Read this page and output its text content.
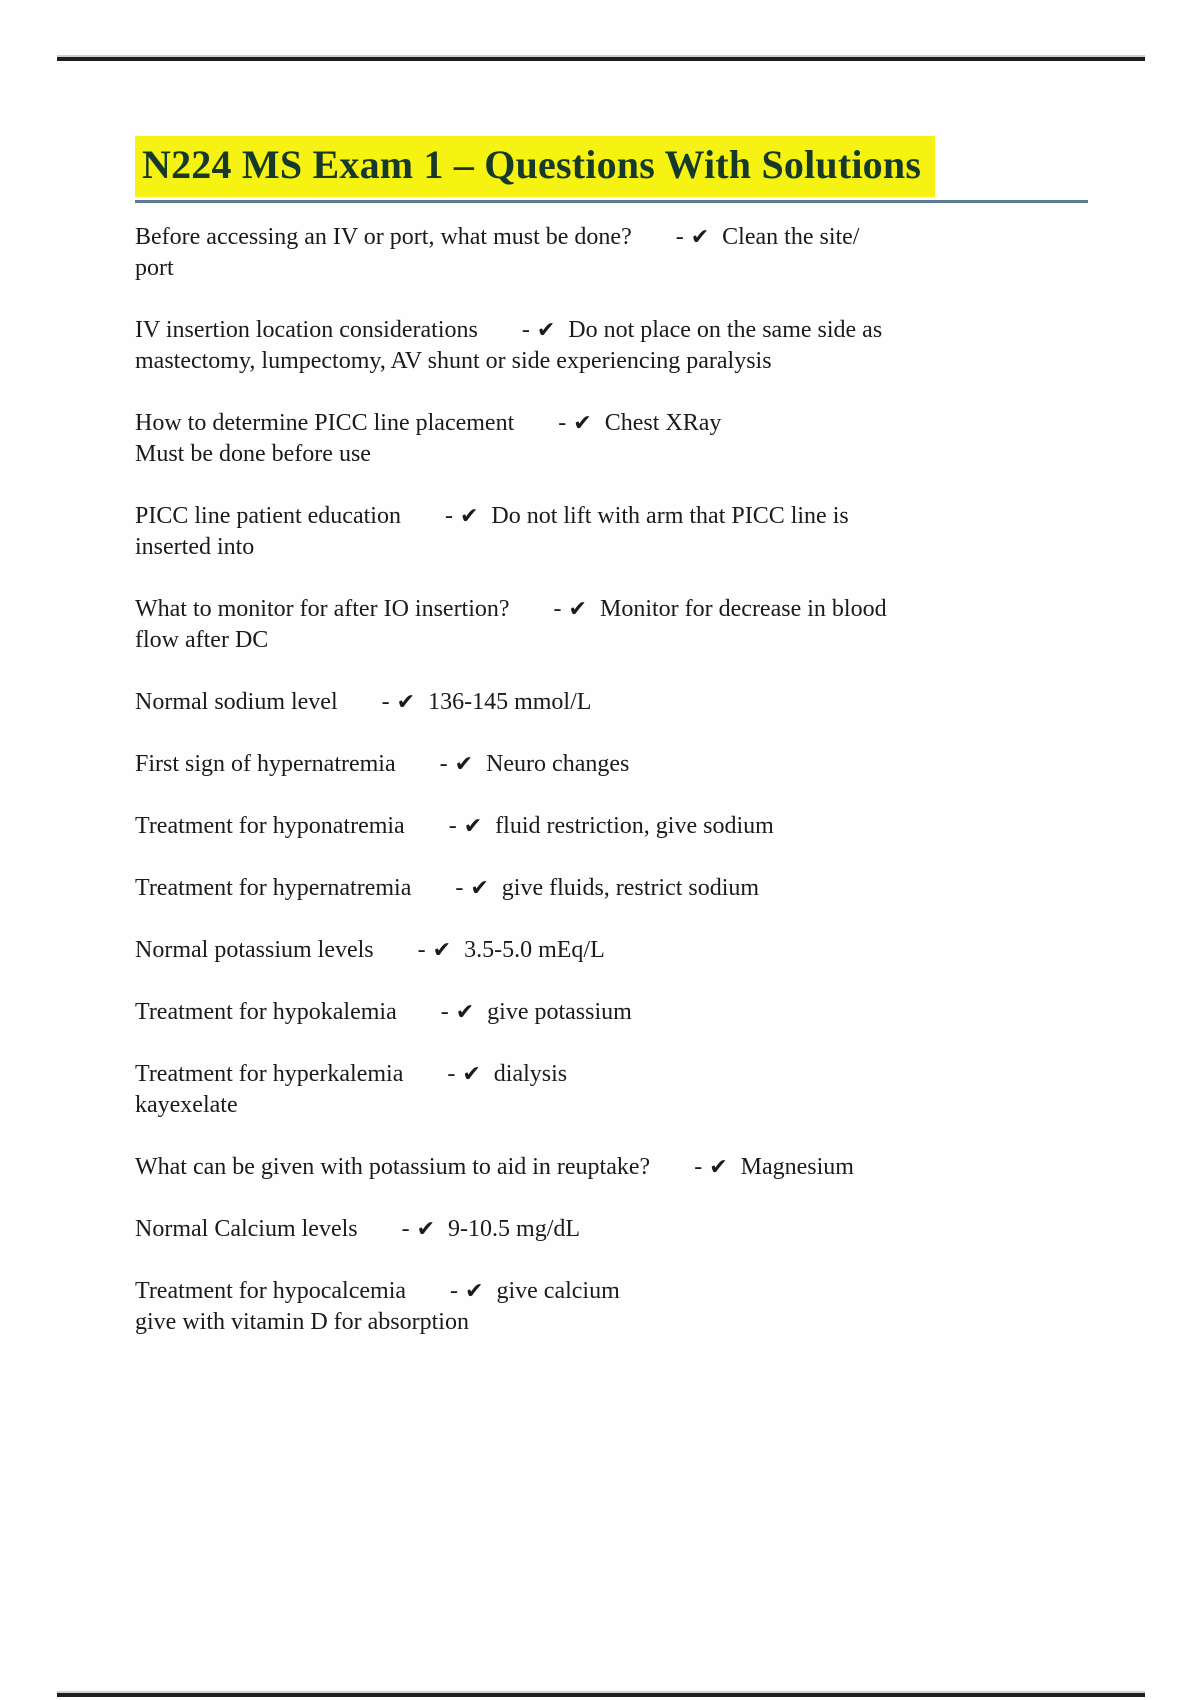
N224 MS Exam 1 – Questions With Solutions
Before accessing an IV or port, what must be done? - ✔ Clean the site/
port
IV insertion location considerations - ✔ Do not place on the same side as
mastectomy, lumpectomy, AV shunt or side experiencing paralysis
How to determine PICC line placement - ✔ Chest XRay
Must be done before use
PICC line patient education - ✔ Do not lift with arm that PICC line is
inserted into
What to monitor for after IO insertion? - ✔ Monitor for decrease in blood
flow after DC
Normal sodium level - ✔ 136-145 mmol/L
First sign of hypernatremia - ✔ Neuro changes
Treatment for hyponatremia - ✔ fluid restriction, give sodium
Treatment for hypernatremia - ✔ give fluids, restrict sodium
Normal potassium levels - ✔ 3.5-5.0 mEq/L
Treatment for hypokalemia - ✔ give potassium
Treatment for hyperkalemia - ✔ dialysis
kayexelate
What can be given with potassium to aid in reuptake? - ✔ Magnesium
Normal Calcium levels - ✔ 9-10.5 mg/dL
Treatment for hypocalcemia - ✔ give calcium
give with vitamin D for absorption
